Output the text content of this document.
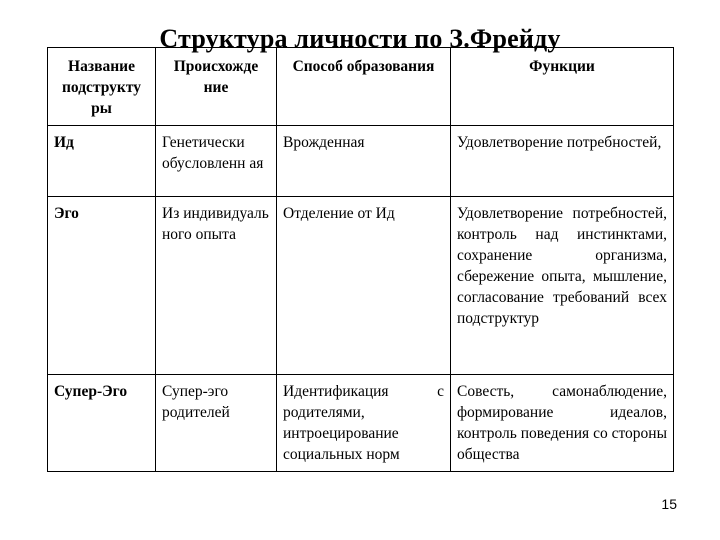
Структура личности по З.Фрейду
Название подструкту ры	Происхожде ние	Способ образования	Функции
Ид	Генетически обусловленн ая	Врожденная	Удовлетворение потребностей,
Эго	Из индивидуаль ного опыта	Отделение от Ид	Удовлетворение потребностей, контроль над инстинктами, сохранение организма, сбережение опыта, мышление, согласование требований всех подструктур
Супер-Эго	Супер-эго родителей	Идентификация с родителями, интроецирование социальных норм	Совесть, самонаблюдение, формирование идеалов, контроль поведения со стороны общества
15
